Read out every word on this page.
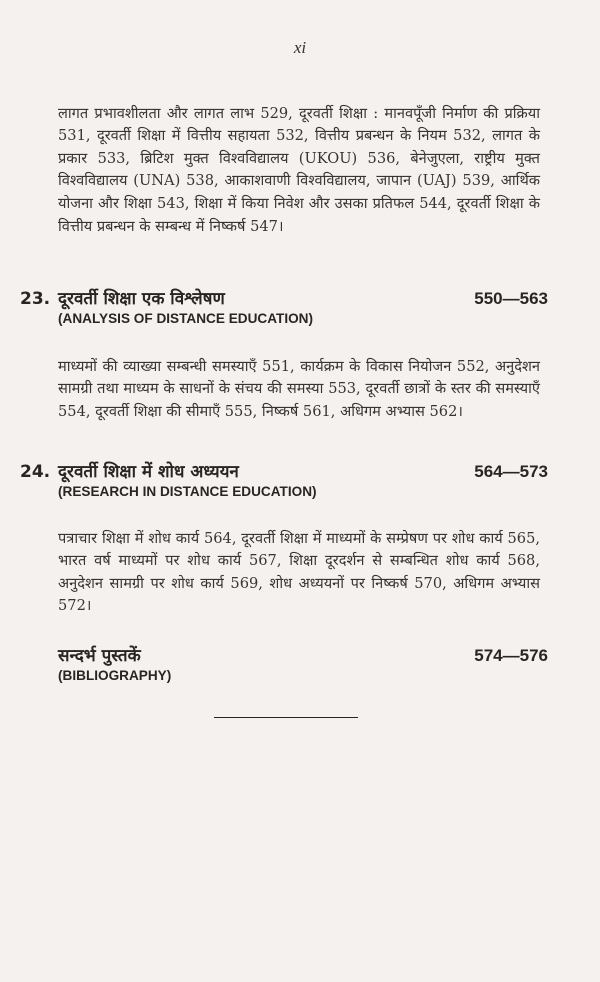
xi

लागत प्रभावशीलता और लागत लाभ 529, दूरवर्ती शिक्षा : मानवपूँजी निर्माण की प्रक्रिया 531, दूरवर्ती शिक्षा में वित्तीय सहायता 532, वित्तीय प्रबन्धन के नियम 532, लागत के प्रकार 533, ब्रिटिश मुक्त विश्वविद्यालय (UKOU) 536, बेनेजुएला, राष्ट्रीय मुक्त विश्वविद्यालय (UNA) 538, आकाशवाणी विश्वविद्यालय, जापान (UAJ) 539, आर्थिक योजना और शिक्षा 543, शिक्षा में किया निवेश और उसका प्रतिफल 544, दूरवर्ती शिक्षा के वित्तीय प्रबन्धन के सम्बन्ध में निष्कर्ष 547।

23. दूरवर्ती शिक्षा एक विश्लेषण	550—563
(ANALYSIS OF DISTANCE EDUCATION)

माध्यमों की व्याख्या सम्बन्धी समस्याएँ 551, कार्यक्रम के विकास नियोजन 552, अनुदेशन सामग्री तथा माध्यम के साधनों के संचय की समस्या 553, दूरवर्ती छात्रों के स्तर की समस्याएँ 554, दूरवर्ती शिक्षा की सीमाएँ 555, निष्कर्ष 561, अधिगम अभ्यास 562।

24. दूरवर्ती शिक्षा में शोध अध्ययन	564—573
(RESEARCH IN DISTANCE EDUCATION)

पत्राचार शिक्षा में शोध कार्य 564, दूरवर्ती शिक्षा में माध्यमों के सम्प्रेषण पर शोध कार्य 565, भारत वर्ष माध्यमों पर शोध कार्य 567, शिक्षा दूरदर्शन से सम्बन्धित शोध कार्य 568, अनुदेशन सामग्री पर शोध कार्य 569, शोध अध्ययनों पर निष्कर्ष 570, अधिगम अभ्यास 572।

सन्दर्भ पुस्तकें	574—576
(BIBLIOGRAPHY)
